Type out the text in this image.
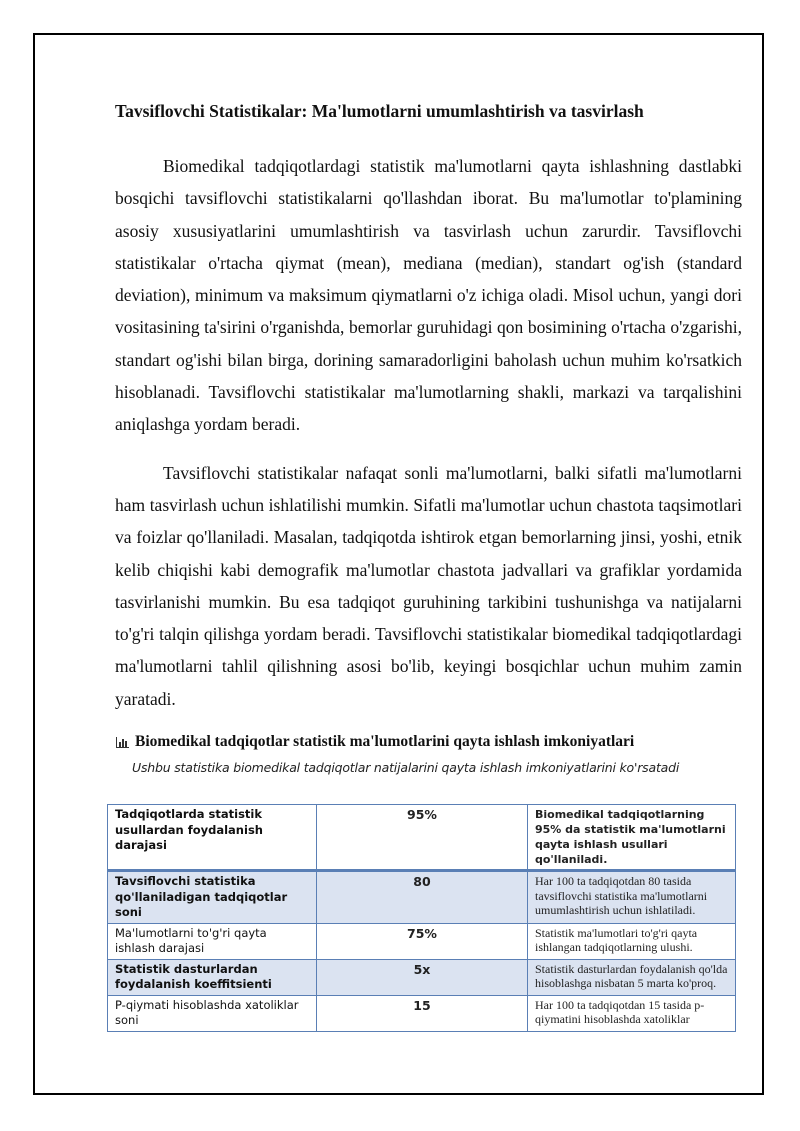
Tavsiflovchi Statistikalar: Ma'lumotlarni umumlashtirish va tasvirlash

Biomedikal tadqiqotlardagi statistik ma'lumotlarni qayta ishlashning dastlabki bosqichi tavsiflovchi statistikalarni qo'llashdan iborat. Bu ma'lumotlar to'plamining asosiy xususiyatlarini umumlashtirish va tasvirlash uchun zarurdir. Tavsiflovchi statistikalar o'rtacha qiymat (mean), mediana (median), standart og'ish (standard deviation), minimum va maksimum qiymatlarni o'z ichiga oladi. Misol uchun, yangi dori vositasining ta'sirini o'rganishda, bemorlar guruhidagi qon bosimining o'rtacha o'zgarishi, standart og'ishi bilan birga, dorining samaradorligini baholash uchun muhim ko'rsatkich hisoblanadi. Tavsiflovchi statistikalar ma'lumotlarning shakli, markazi va tarqalishini aniqlashga yordam beradi.

Tavsiflovchi statistikalar nafaqat sonli ma'lumotlarni, balki sifatli ma'lumotlarni ham tasvirlash uchun ishlatilishi mumkin. Sifatli ma'lumotlar uchun chastota taqsimotlari va foizlar qo'llaniladi. Masalan, tadqiqotda ishtirok etgan bemorlarning jinsi, yoshi, etnik kelib chiqishi kabi demografik ma'lumotlar chastota jadvallari va grafiklar yordamida tasvirlanishi mumkin. Bu esa tadqiqot guruhining tarkibini tushunishga va natijalarni to'g'ri talqin qilishga yordam beradi. Tavsiflovchi statistikalar biomedikal tadqiqotlardagi ma'lumotlarni tahlil qilishning asosi bo'lib, keyingi bosqichlar uchun muhim zamin yaratadi.

Biomedikal tadqiqotlar statistik ma'lumotlarini qayta ishlash imkoniyatlari
Ushbu statistika biomedikal tadqiqotlar natijalarini qayta ishlash imkoniyatlarini ko'rsatadi
Tadqiqotlarda statistik usullardan foydalanish darajasi	95%	Biomedikal tadqiqotlarning 95% da statistik ma'lumotlarni qayta ishlash usullari qo'llaniladi.
Tavsiflovchi statistika qo'llaniladigan tadqiqotlar soni	80	Har 100 ta tadqiqotdan 80 tasida tavsiflovchi statistika ma'lumotlarni umumlashtirish uchun ishlatiladi.
Ma'lumotlarni to'g'ri qayta ishlash darajasi	75%	Statistik ma'lumotlari to'g'ri qayta ishlangan tadqiqotlarning ulushi.
Statistik dasturlardan foydalanish koeffitsienti	5x	Statistik dasturlardan foydalanish qo'lda hisoblashga nisbatan 5 marta ko'proq.
P-qiymati hisoblashda xatoliklar soni	15	Har 100 ta tadqiqotdan 15 tasida p-qiymatini hisoblashda xatoliklar
